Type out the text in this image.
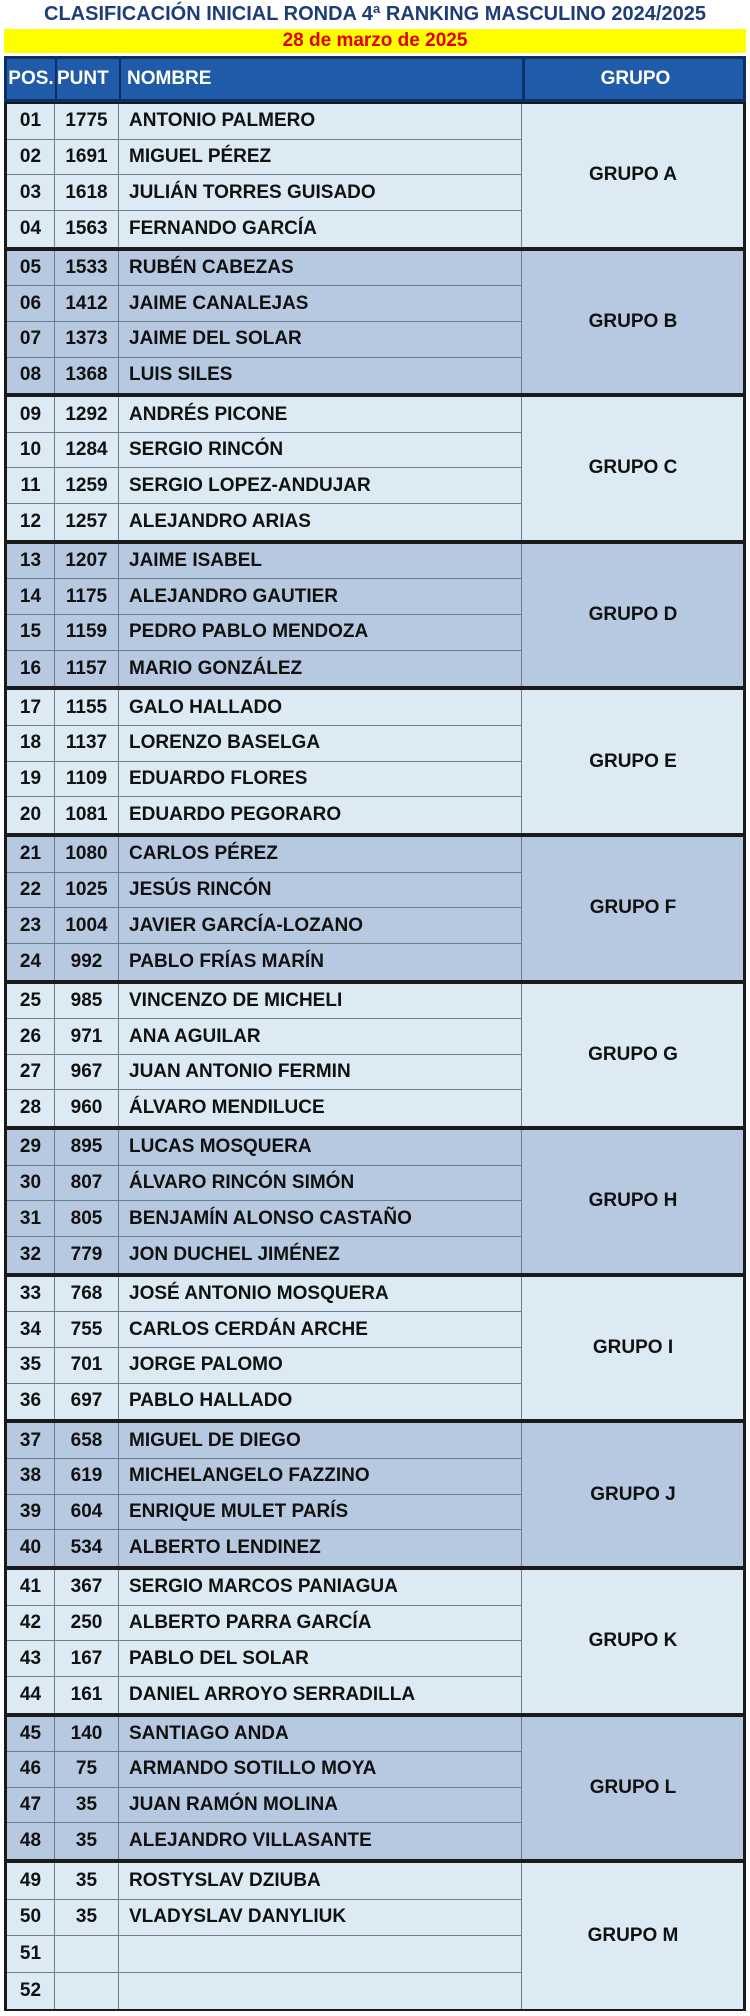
CLASIFICACIÓN INICIAL RONDA 4ª RANKING MASCULINO 2024/2025
28 de marzo de 2025
POS. PUNT NOMBRE	GRUPO
01	1775	ANTONIO PALMERO
02	1691	MIGUEL PÉREZ
03	1618	JULIÁN TORRES GUISADO
04	1563	FERNANDO GARCÍA
GRUPO A
05	1533	RUBÉN CABEZAS
06	1412	JAIME CANALEJAS
07	1373	JAIME DEL SOLAR
08	1368	LUIS SILES
GRUPO B
09	1292	ANDRÉS PICONE
10	1284	SERGIO RINCÓN
11	1259	SERGIO LOPEZ-ANDUJAR
12	1257	ALEJANDRO ARIAS
GRUPO C
13	1207	JAIME ISABEL
14	1175	ALEJANDRO GAUTIER
15	1159	PEDRO PABLO MENDOZA
16	1157	MARIO GONZÁLEZ
GRUPO D
17	1155	GALO HALLADO
18	1137	LORENZO BASELGA
19	1109	EDUARDO FLORES
20	1081	EDUARDO PEGORARO
GRUPO E
21	1080	CARLOS PÉREZ
22	1025	JESÚS RINCÓN
23	1004	JAVIER GARCÍA-LOZANO
24	992	PABLO FRÍAS MARÍN
GRUPO F
25	985	VINCENZO DE MICHELI
26	971	ANA AGUILAR
27	967	JUAN ANTONIO FERMIN
28	960	ÁLVARO MENDILUCE
GRUPO G
29	895	LUCAS MOSQUERA
30	807	ÁLVARO RINCÓN SIMÓN
31	805	BENJAMÍN ALONSO CASTAÑO
32	779	JON DUCHEL JIMÉNEZ
GRUPO H
33	768	JOSÉ ANTONIO MOSQUERA
34	755	CARLOS CERDÁN ARCHE
35	701	JORGE PALOMO
36	697	PABLO HALLADO
GRUPO I
37	658	MIGUEL DE DIEGO
38	619	MICHELANGELO FAZZINO
39	604	ENRIQUE MULET PARÍS
40	534	ALBERTO LENDINEZ
GRUPO J
41	367	SERGIO MARCOS PANIAGUA
42	250	ALBERTO PARRA GARCÍA
43	167	PABLO DEL SOLAR
44	161	DANIEL ARROYO SERRADILLA
GRUPO K
45	140	SANTIAGO ANDA
46	75	ARMANDO SOTILLO MOYA
47	35	JUAN RAMÓN MOLINA
48	35	ALEJANDRO VILLASANTE
GRUPO L
49	35	ROSTYSLAV DZIUBA
50	35	VLADYSLAV DANYLIUK
51
52
GRUPO M
